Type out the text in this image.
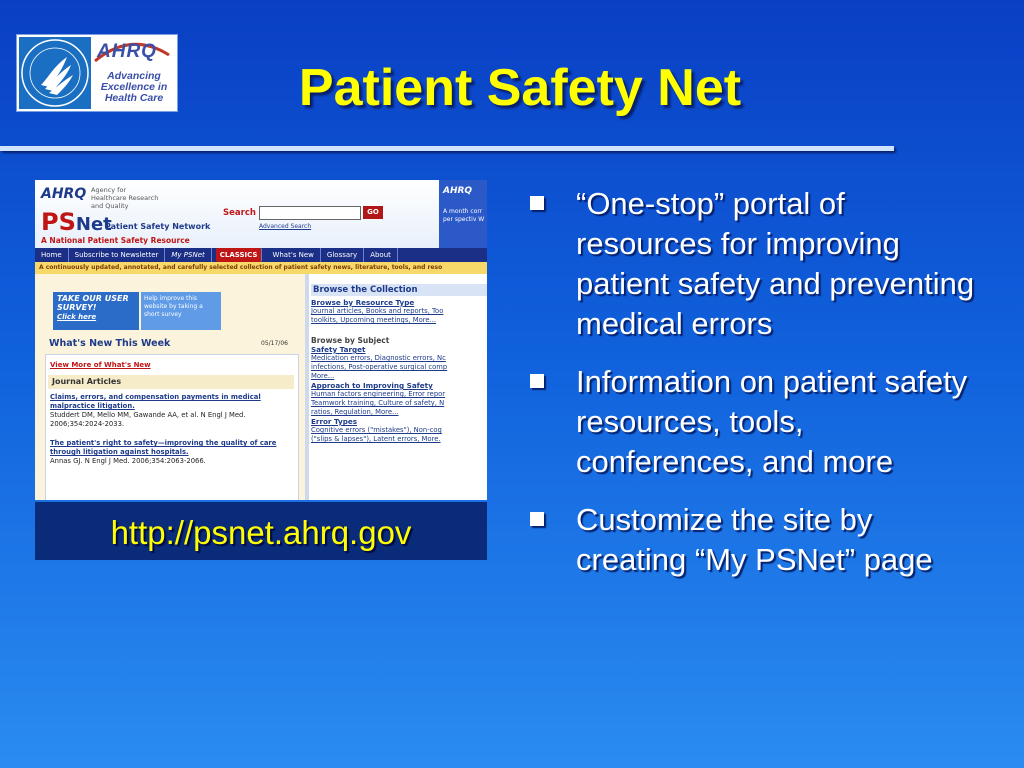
AHRQ
Advancing Excellence in Health Care	Patient Safety Net
AHRQ Agency for Healthcare Research and Quality
PSNet
Patient Safety Network
A National Patient Safety Resource
Search	GO
Advanced Search
AHRQ
A month corr per spectiv W
Home Subscribe to Newsletter My PSNet CLASSICS What's New Glossary About
A continuously updated, annotated, and carefully selected collection of patient safety news, literature, tools, and reso
TAKE OUR USER SURVEY!
Click here
Help improve this website by taking a short survey
What's New This Week	05/17/06
View More of What's New
Journal Articles
Claims, errors, and compensation payments in medical malpractice litigation.
Studdert DM, Mello MM, Gawande AA, et al. N Engl J Med. 2006;354:2024-2033.
The patient's right to safety—improving the quality of care through litigation against hospitals.
Annas GJ. N Engl J Med. 2006;354:2063-2066.
Browse the Collection
Browse by Resource Type
Journal articles, Books and reports, Too
toolkits, Upcoming meetings, More...
Browse by Subject
Safety Target
Medication errors, Diagnostic errors, Nc
infections, Post-operative surgical comp
More...
Approach to Improving Safety
Human factors engineering, Error repor
Teamwork training, Culture of safety, N
ratios, Regulation, More...
Error Types
Cognitive errors ("mistakes"), Non-cog
("slips & lapses"), Latent errors, More.
http://psnet.ahrq.gov
“One-stop” portal of resources for improving patient safety and preventing medical errors
Information on patient safety resources, tools, conferences, and more
Customize the site by creating “My PSNet” page
